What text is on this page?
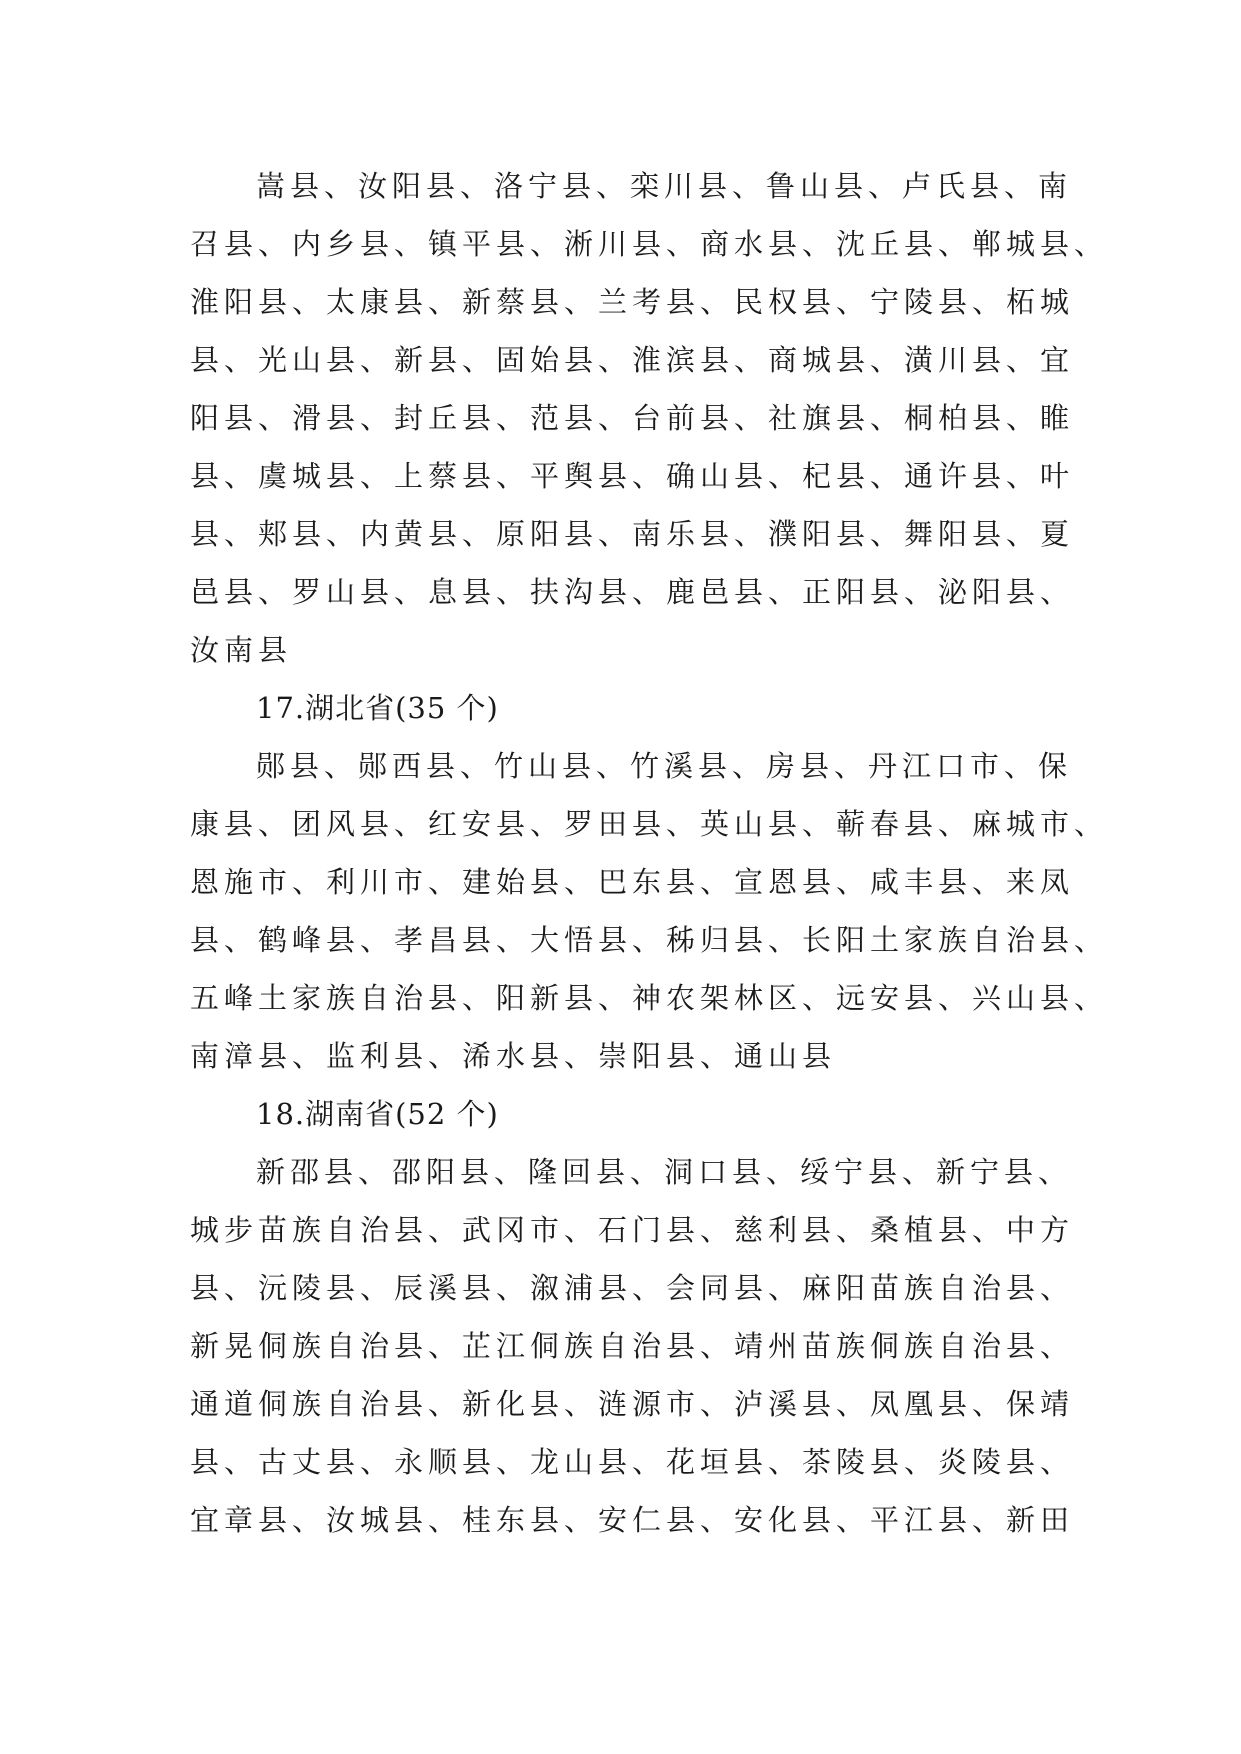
嵩县、汝阳县、洛宁县、栾川县、鲁山县、卢氏县、南
召县、内乡县、镇平县、淅川县、商水县、沈丘县、郸城县、
淮阳县、太康县、新蔡县、兰考县、民权县、宁陵县、柘城
县、光山县、新县、固始县、淮滨县、商城县、潢川县、宜
阳县、滑县、封丘县、范县、台前县、社旗县、桐柏县、睢
县、虞城县、上蔡县、平舆县、确山县、杞县、通许县、叶
县、郏县、内黄县、原阳县、南乐县、濮阳县、舞阳县、夏
邑县、罗山县、息县、扶沟县、鹿邑县、正阳县、泌阳县、
汝南县
17.湖北省(35 个)
郧县、郧西县、竹山县、竹溪县、房县、丹江口市、保
康县、团风县、红安县、罗田县、英山县、蕲春县、麻城市、
恩施市、利川市、建始县、巴东县、宣恩县、咸丰县、来凤
县、鹤峰县、孝昌县、大悟县、秭归县、长阳土家族自治县、
五峰土家族自治县、阳新县、神农架林区、远安县、兴山县、
南漳县、监利县、浠水县、崇阳县、通山县
18.湖南省(52 个)
新邵县、邵阳县、隆回县、洞口县、绥宁县、新宁县、
城步苗族自治县、武冈市、石门县、慈利县、桑植县、中方
县、沅陵县、辰溪县、溆浦县、会同县、麻阳苗族自治县、
新晃侗族自治县、芷江侗族自治县、靖州苗族侗族自治县、
通道侗族自治县、新化县、涟源市、泸溪县、凤凰县、保靖
县、古丈县、永顺县、龙山县、花垣县、茶陵县、炎陵县、
宜章县、汝城县、桂东县、安仁县、安化县、平江县、新田
